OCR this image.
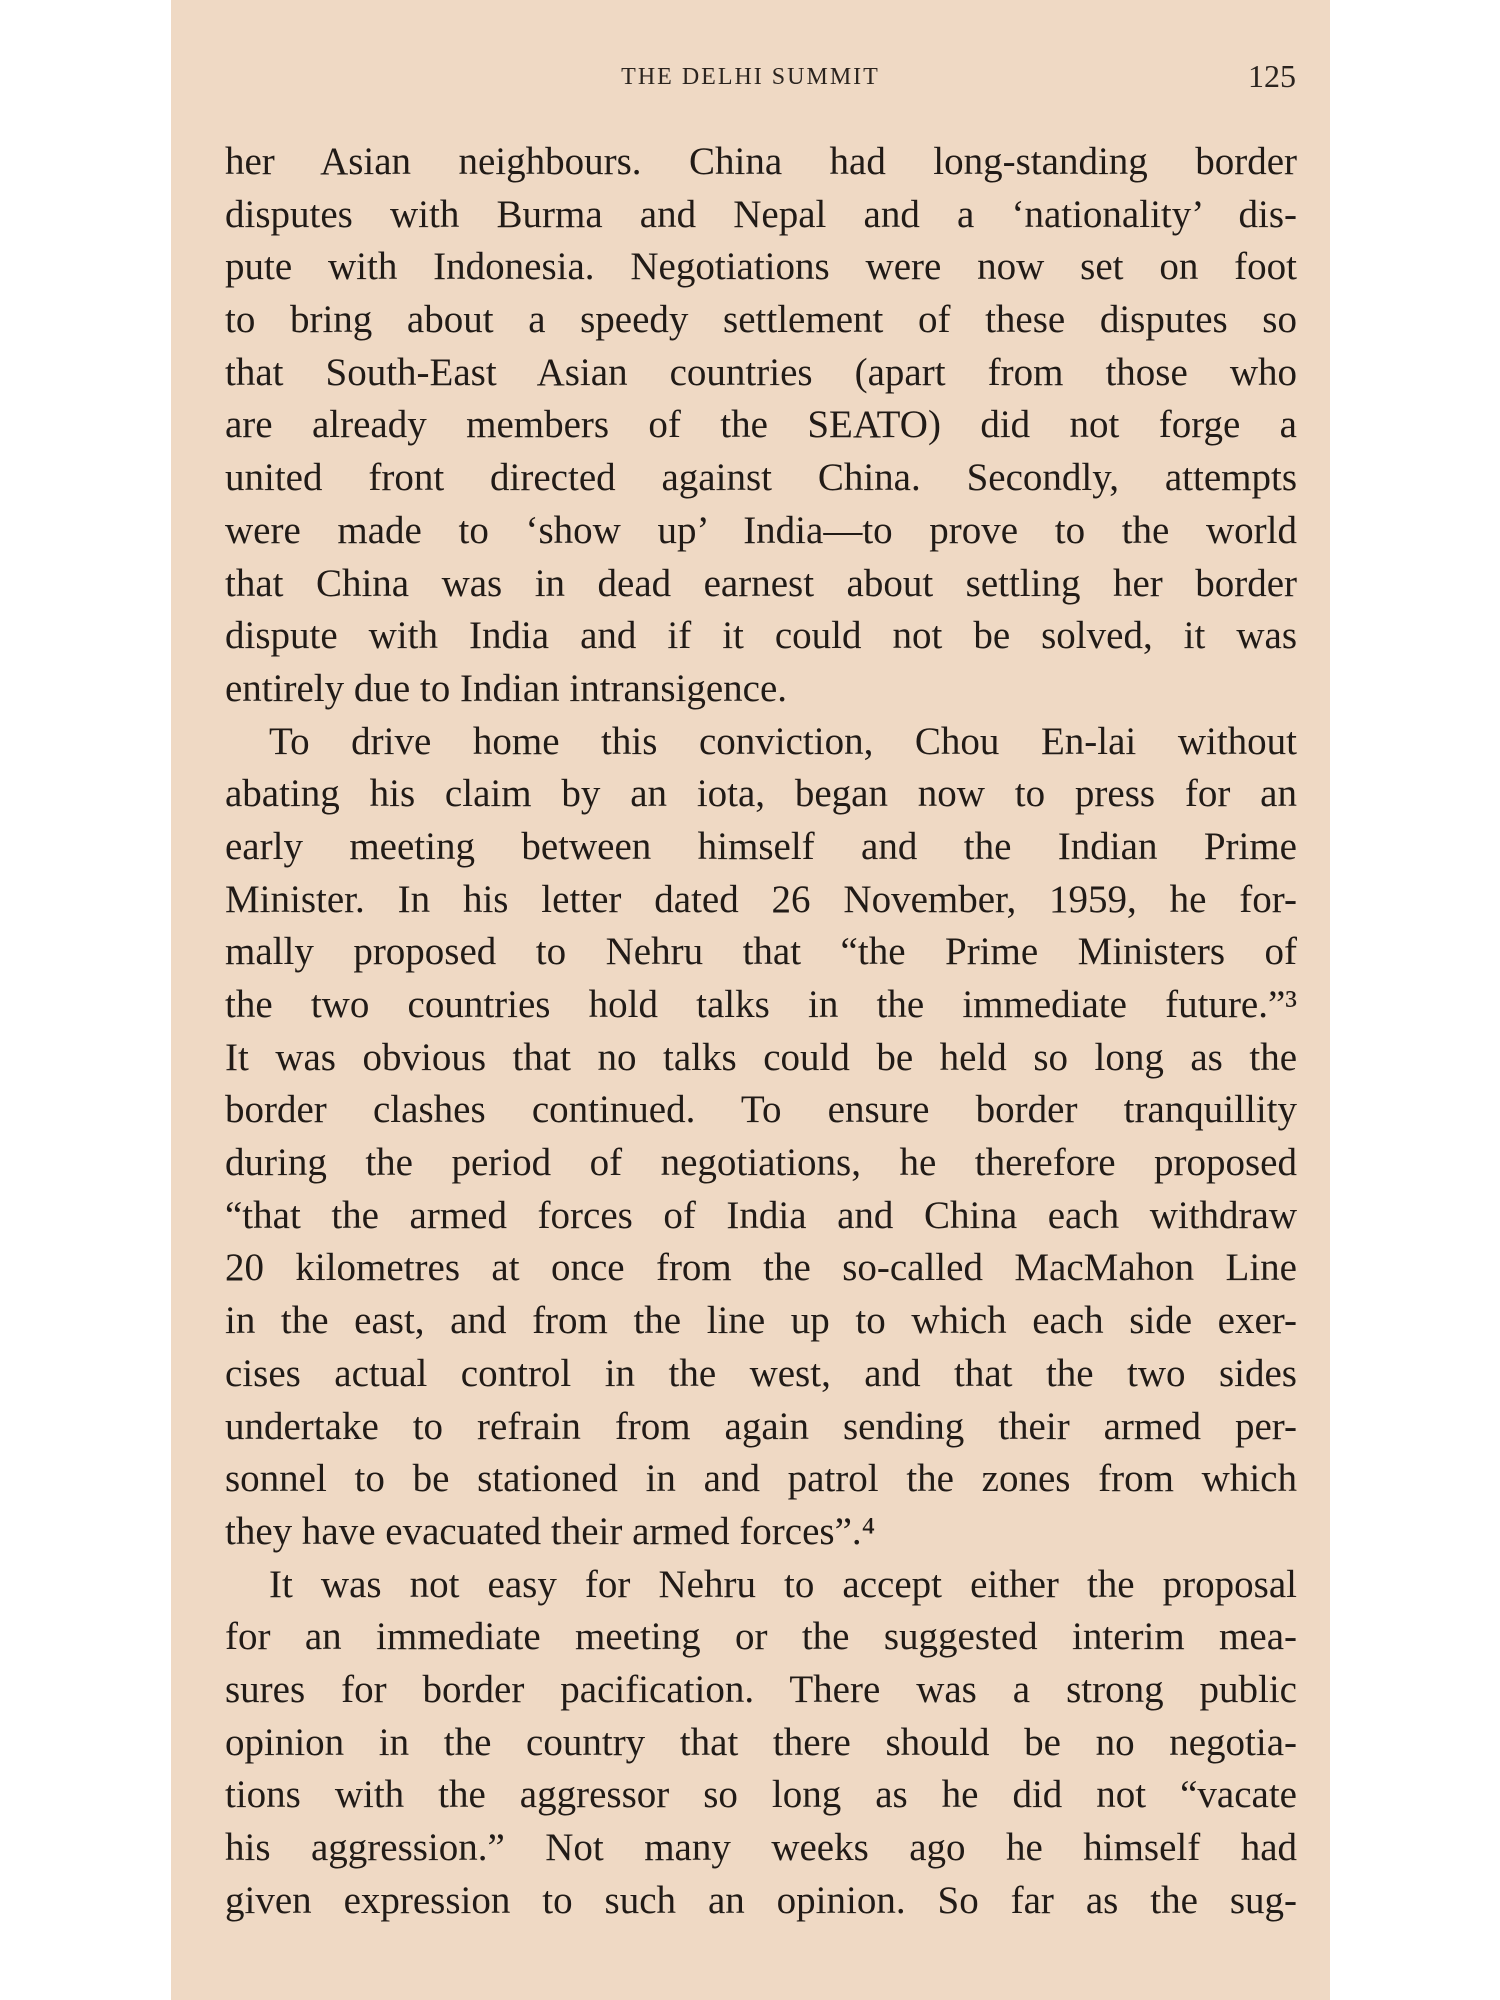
THE DELHI SUMMIT	125
her Asian neighbours. China had long-standing border
disputes with Burma and Nepal and a ‘nationality’ dis-
pute with Indonesia. Negotiations were now set on foot
to bring about a speedy settlement of these disputes so
that South-East Asian countries (apart from those who
are already members of the SEATO) did not forge a
united front directed against China. Secondly, attempts
were made to ‘show up’ India—to prove to the world
that China was in dead earnest about settling her border
dispute with India and if it could not be solved, it was
entirely due to Indian intransigence.
To drive home this conviction, Chou En-lai without
abating his claim by an iota, began now to press for an
early meeting between himself and the Indian Prime
Minister. In his letter dated 26 November, 1959, he for-
mally proposed to Nehru that “the Prime Ministers of
the two countries hold talks in the immediate future.”³
It was obvious that no talks could be held so long as the
border clashes continued. To ensure border tranquillity
during the period of negotiations, he therefore proposed
“that the armed forces of India and China each withdraw
20 kilometres at once from the so-called MacMahon Line
in the east, and from the line up to which each side exer-
cises actual control in the west, and that the two sides
undertake to refrain from again sending their armed per-
sonnel to be stationed in and patrol the zones from which
they have evacuated their armed forces”.⁴
It was not easy for Nehru to accept either the proposal
for an immediate meeting or the suggested interim mea-
sures for border pacification. There was a strong public
opinion in the country that there should be no negotia-
tions with the aggressor so long as he did not “vacate
his aggression.” Not many weeks ago he himself had
given expression to such an opinion. So far as the sug-
